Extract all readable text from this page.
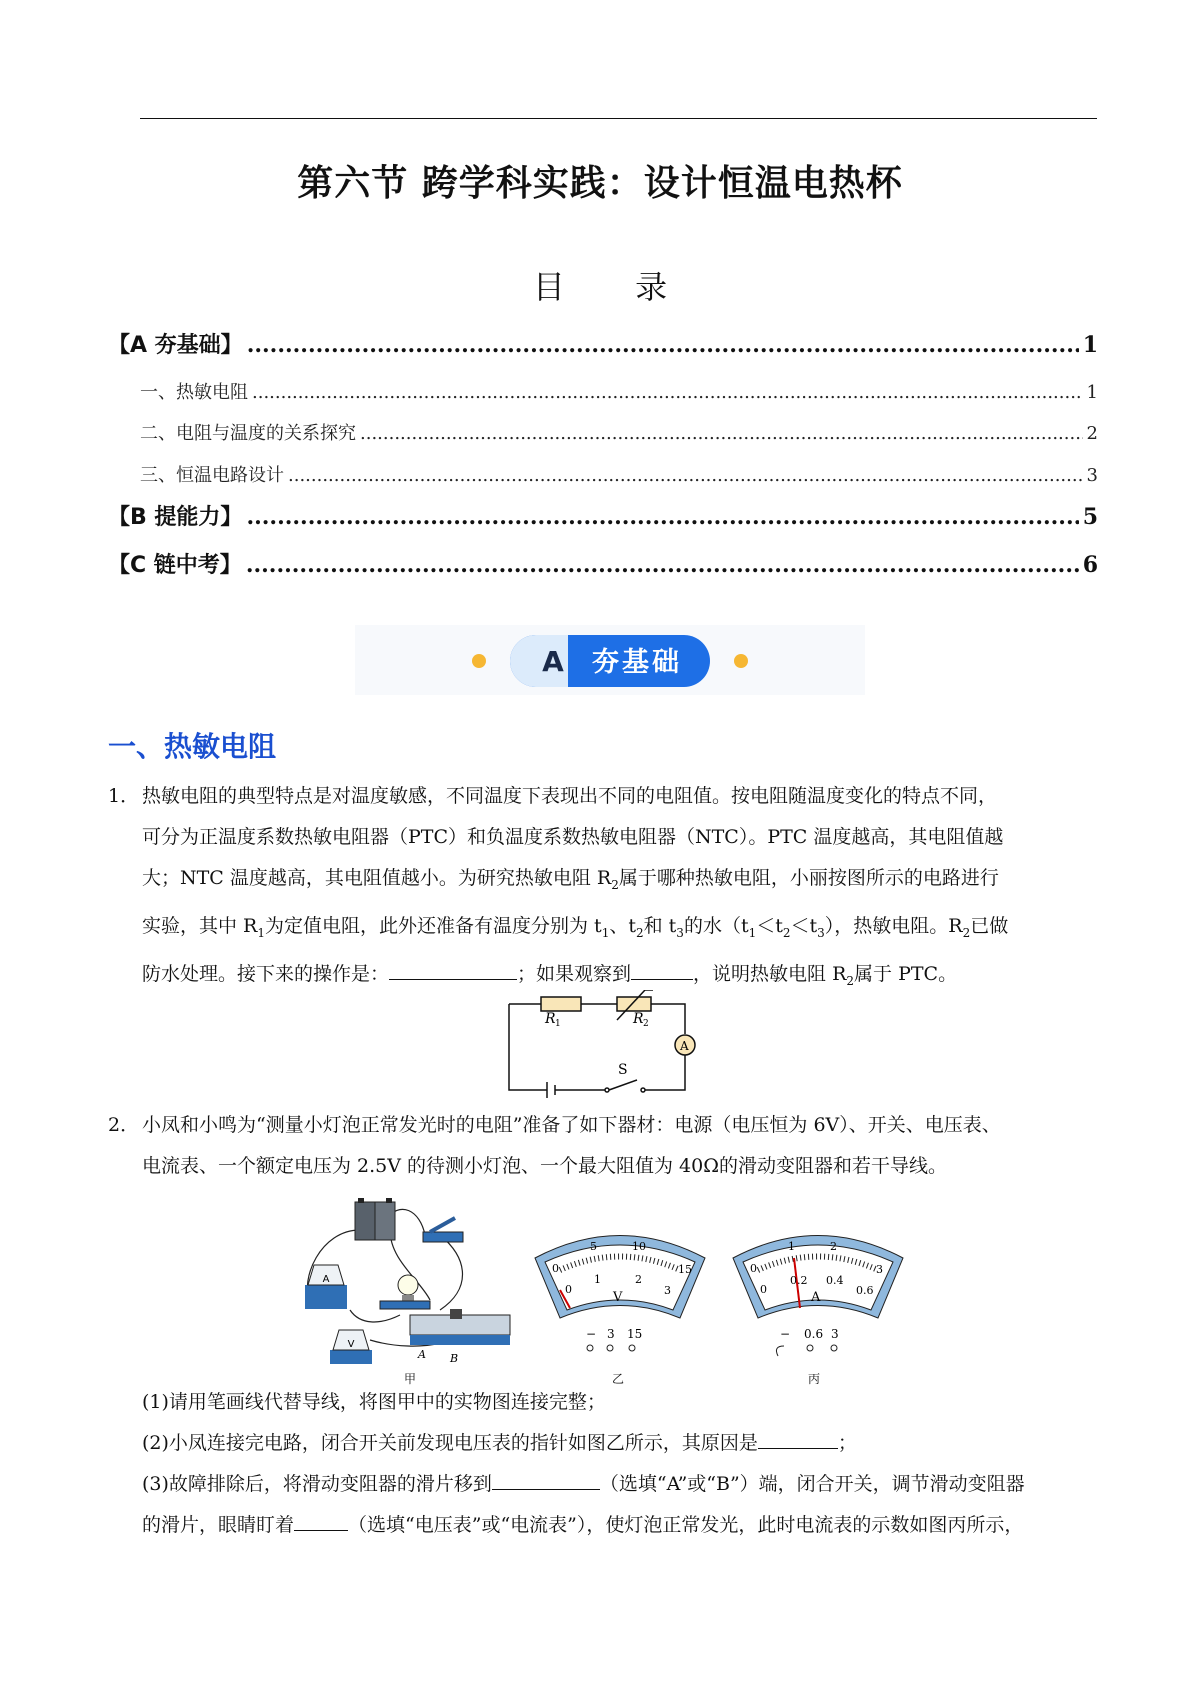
第六节 跨学科实践：设计恒温电热杯
目 录
【A 夯基础】 .....	1
一、热敏电阻 .....	1
二、电阻与温度的关系探究 .....	2
三、恒温电路设计 .....	3
【B 提能力】 .....	5
【C 链中考】 .....	6
A 夯基础
一、热敏电阻
1． 热敏电阻的典型特点是对温度敏感，不同温度下表现出不同的电阻值。按电阻随温度变化的特点不同，
可分为正温度系数热敏电阻器（PTC）和负温度系数热敏电阻器（NTC）。PTC 温度越高，其电阻值越
大；NTC 温度越高，其电阻值越小。为研究热敏电阻 $R_2$属于哪种热敏电阻，小丽按图所示的电路进行
实验，其中 $R_1$为定值电阻，此外还准备有温度分别为 $t_1$、$t_2$和 $t_3$的水$(t_1<t_2<t_3)$，热敏电阻。$R_2$已做
防水处理。接下来的操作是：	；如果观察到	，说明热敏电阻 $R_2$属于 PTC。
R 1	R 2
A
S
2． 小凤和小鸣为“测量小灯泡正常发光时的电阻”准备了如下器材：电源（电压恒为 6V）、开关、电压表、
电流表、一个额定电压为 2.5V 的待测小灯泡、一个最大阻值为 40Ω的滑动变阻器和若干导线。
A
A B
V
甲
0
5	10
15
0
1	2
3
V
− 3 15
乙
0
1	2
3
0
0.2 0.4
0.6
A
− 0.6 3
丙
(1)请用笔画线代替导线，将图甲中的实物图连接完整；
(2)小凤连接完电路，闭合开关前发现电压表的指针如图乙所示，其原因是	；
(3)故障排除后，将滑动变阻器的滑片移到	（选填“A”或“B”）端，闭合开关，调节滑动变阻器
的滑片，眼睛盯着	（选填“电压表”或“电流表”），使灯泡正常发光，此时电流表的示数如图丙所示，
